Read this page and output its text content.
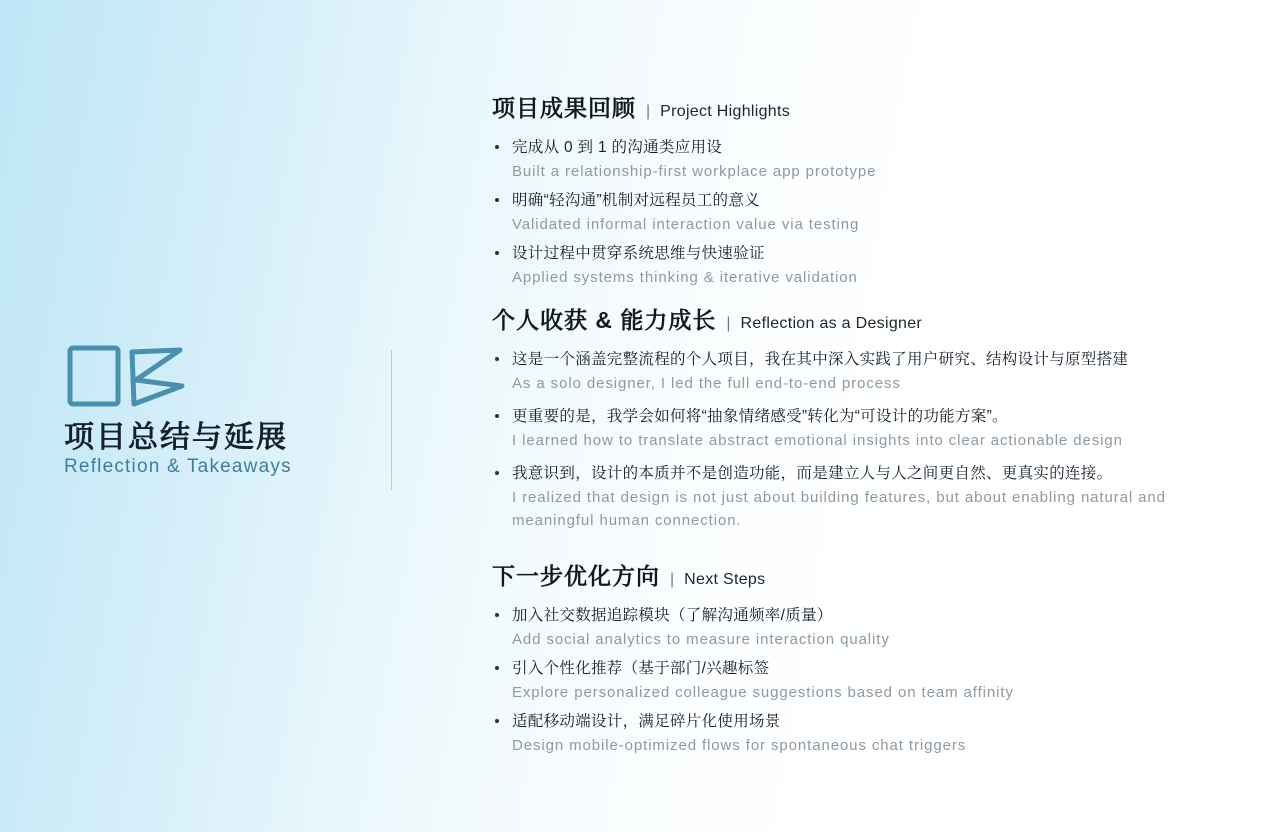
项目总结与延展
Reflection & Takeaways
项目成果回顾 | Project Highlights
完成从 0 到 1 的沟通类应用设
Built a relationship-first workplace app prototype
明确“轻沟通”机制对远程员工的意义
Validated informal interaction value via testing
设计过程中贯穿系统思维与快速验证
Applied systems thinking & iterative validation
个人收获 & 能力成长 | Reflection as a Designer
这是一个涵盖完整流程的个人项目，我在其中深入实践了用户研究、结构设计与原型搭建
As a solo designer, I led the full end-to-end process
更重要的是，我学会如何将“抽象情绪感受”转化为“可设计的功能方案”。
I learned how to translate abstract emotional insights into clear actionable design
我意识到，设计的本质并不是创造功能，而是建立人与人之间更自然、更真实的连接。
I realized that design is not just about building features, but about enabling natural and meaningful human connection.
下一步优化方向 | Next Steps
加入社交数据追踪模块（了解沟通频率/质量）
Add social analytics to measure interaction quality
引入个性化推荐（基于部门/兴趣标签
Explore personalized colleague suggestions based on team affinity
适配移动端设计，满足碎片化使用场景
Design mobile-optimized flows for spontaneous chat triggers
